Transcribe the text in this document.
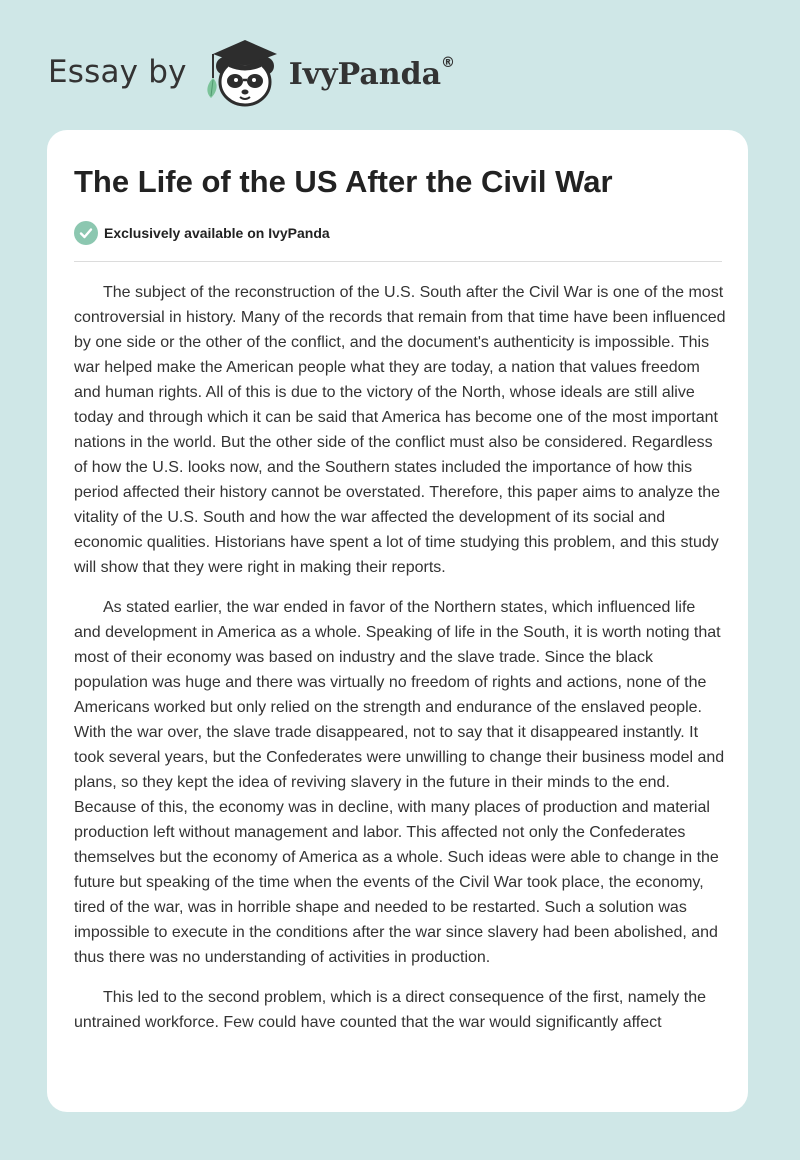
Essay by	IvyPanda®
The Life of the US After the Civil War
Exclusively available on IvyPanda

The subject of the reconstruction of the U.S. South after the Civil War is one of the most controversial in history. Many of the records that remain from that time have been influenced by one side or the other of the conflict, and the document's authenticity is impossible. This war helped make the American people what they are today, a nation that values freedom and human rights. All of this is due to the victory of the North, whose ideals are still alive today and through which it can be said that America has become one of the most important nations in the world. But the other side of the conflict must also be considered. Regardless of how the U.S. looks now, and the Southern states included the importance of how this period affected their history cannot be overstated. Therefore, this paper aims to analyze the vitality of the U.S. South and how the war affected the development of its social and economic qualities. Historians have spent a lot of time studying this problem, and this study will show that they were right in making their reports.

As stated earlier, the war ended in favor of the Northern states, which influenced life and development in America as a whole. Speaking of life in the South, it is worth noting that most of their economy was based on industry and the slave trade. Since the black population was huge and there was virtually no freedom of rights and actions, none of the Americans worked but only relied on the strength and endurance of the enslaved people. With the war over, the slave trade disappeared, not to say that it disappeared instantly. It took several years, but the Confederates were unwilling to change their business model and plans, so they kept the idea of reviving slavery in the future in their minds to the end. Because of this, the economy was in decline, with many places of production and material production left without management and labor. This affected not only the Confederates themselves but the economy of America as a whole. Such ideas were able to change in the future but speaking of the time when the events of the Civil War took place, the economy, tired of the war, was in horrible shape and needed to be restarted. Such a solution was impossible to execute in the conditions after the war since slavery had been abolished, and thus there was no understanding of activities in production.

This led to the second problem, which is a direct consequence of the first, namely the untrained workforce. Few could have counted that the war would significantly affect
